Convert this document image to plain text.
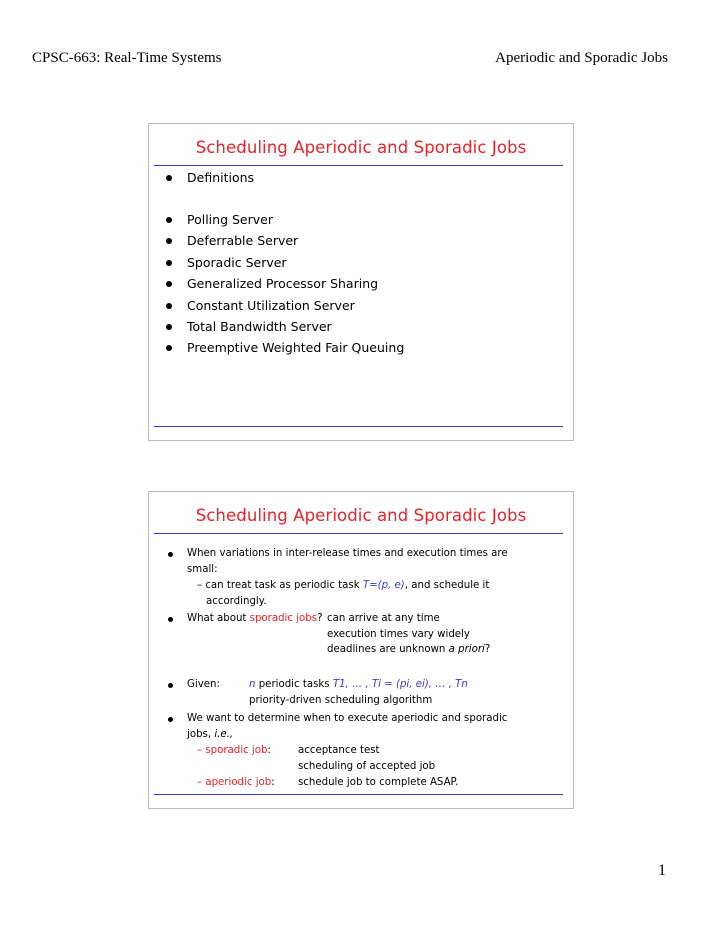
CPSC-663: Real-Time Systems	Aperiodic and Sporadic Jobs
Scheduling Aperiodic and Sporadic Jobs
Definitions
Polling Server
Deferrable Server
Sporadic Server
Generalized Processor Sharing
Constant Utilization Server
Total Bandwidth Server
Preemptive Weighted Fair Queuing
Scheduling Aperiodic and Sporadic Jobs
When variations in inter-release times and execution times are
small:
– can treat task as periodic task T=(p, e), and schedule it
accordingly.
What about sporadic jobs? can arrive at any time
execution times vary widely
deadlines are unknown a priori?
Given:	n periodic tasks T1, … , Ti = (pi, ei), … , Tn
priority-driven scheduling algorithm
We want to determine when to execute aperiodic and sporadic
jobs, i.e.,
– sporadic job:	acceptance test
scheduling of accepted job
– aperiodic job: schedule job to complete ASAP.
1
